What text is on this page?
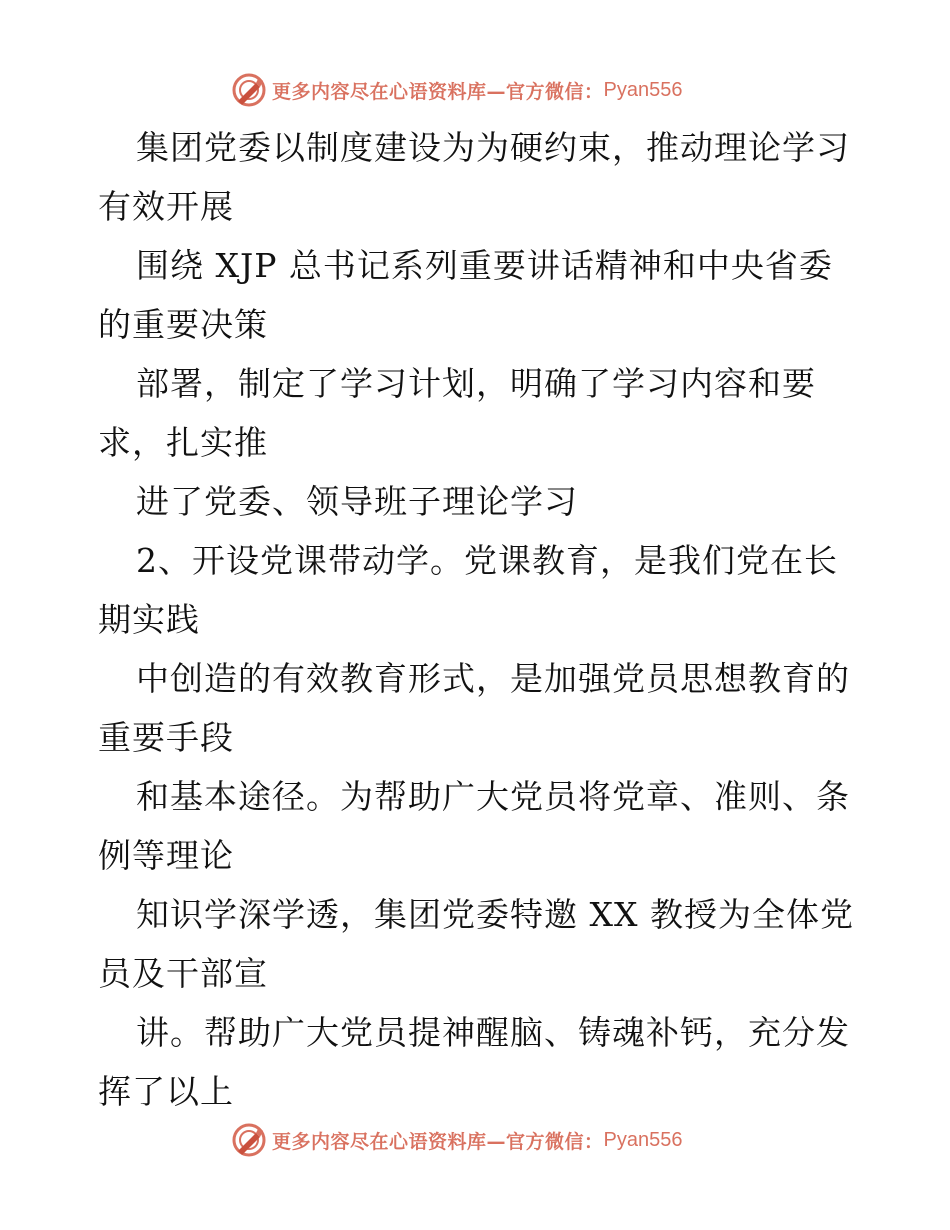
更多内容尽在心语资料库— 官方微信： Pyan556
集团党委以制度建设为为硬约束，推动理论学习
有效开展
围绕 XJP 总书记系列重要讲话精神和中央省委
的重要决策
部署，制定了学习计划，明确了学习内容和要
求，扎实推
进了党委、领导班子理论学习
2、开设党课带动学。党课教育，是我们党在长
期实践
中创造的有效教育形式，是加强党员思想教育的
重要手段
和基本途径。为帮助广大党员将党章、准则、条
例等理论
知识学深学透，集团党委特邀 XX 教授为全体党
员及干部宣
讲。帮助广大党员提神醒脑、铸魂补钙，充分发
挥了以上
更多内容尽在心语资料库— 官方微信： Pyan556
